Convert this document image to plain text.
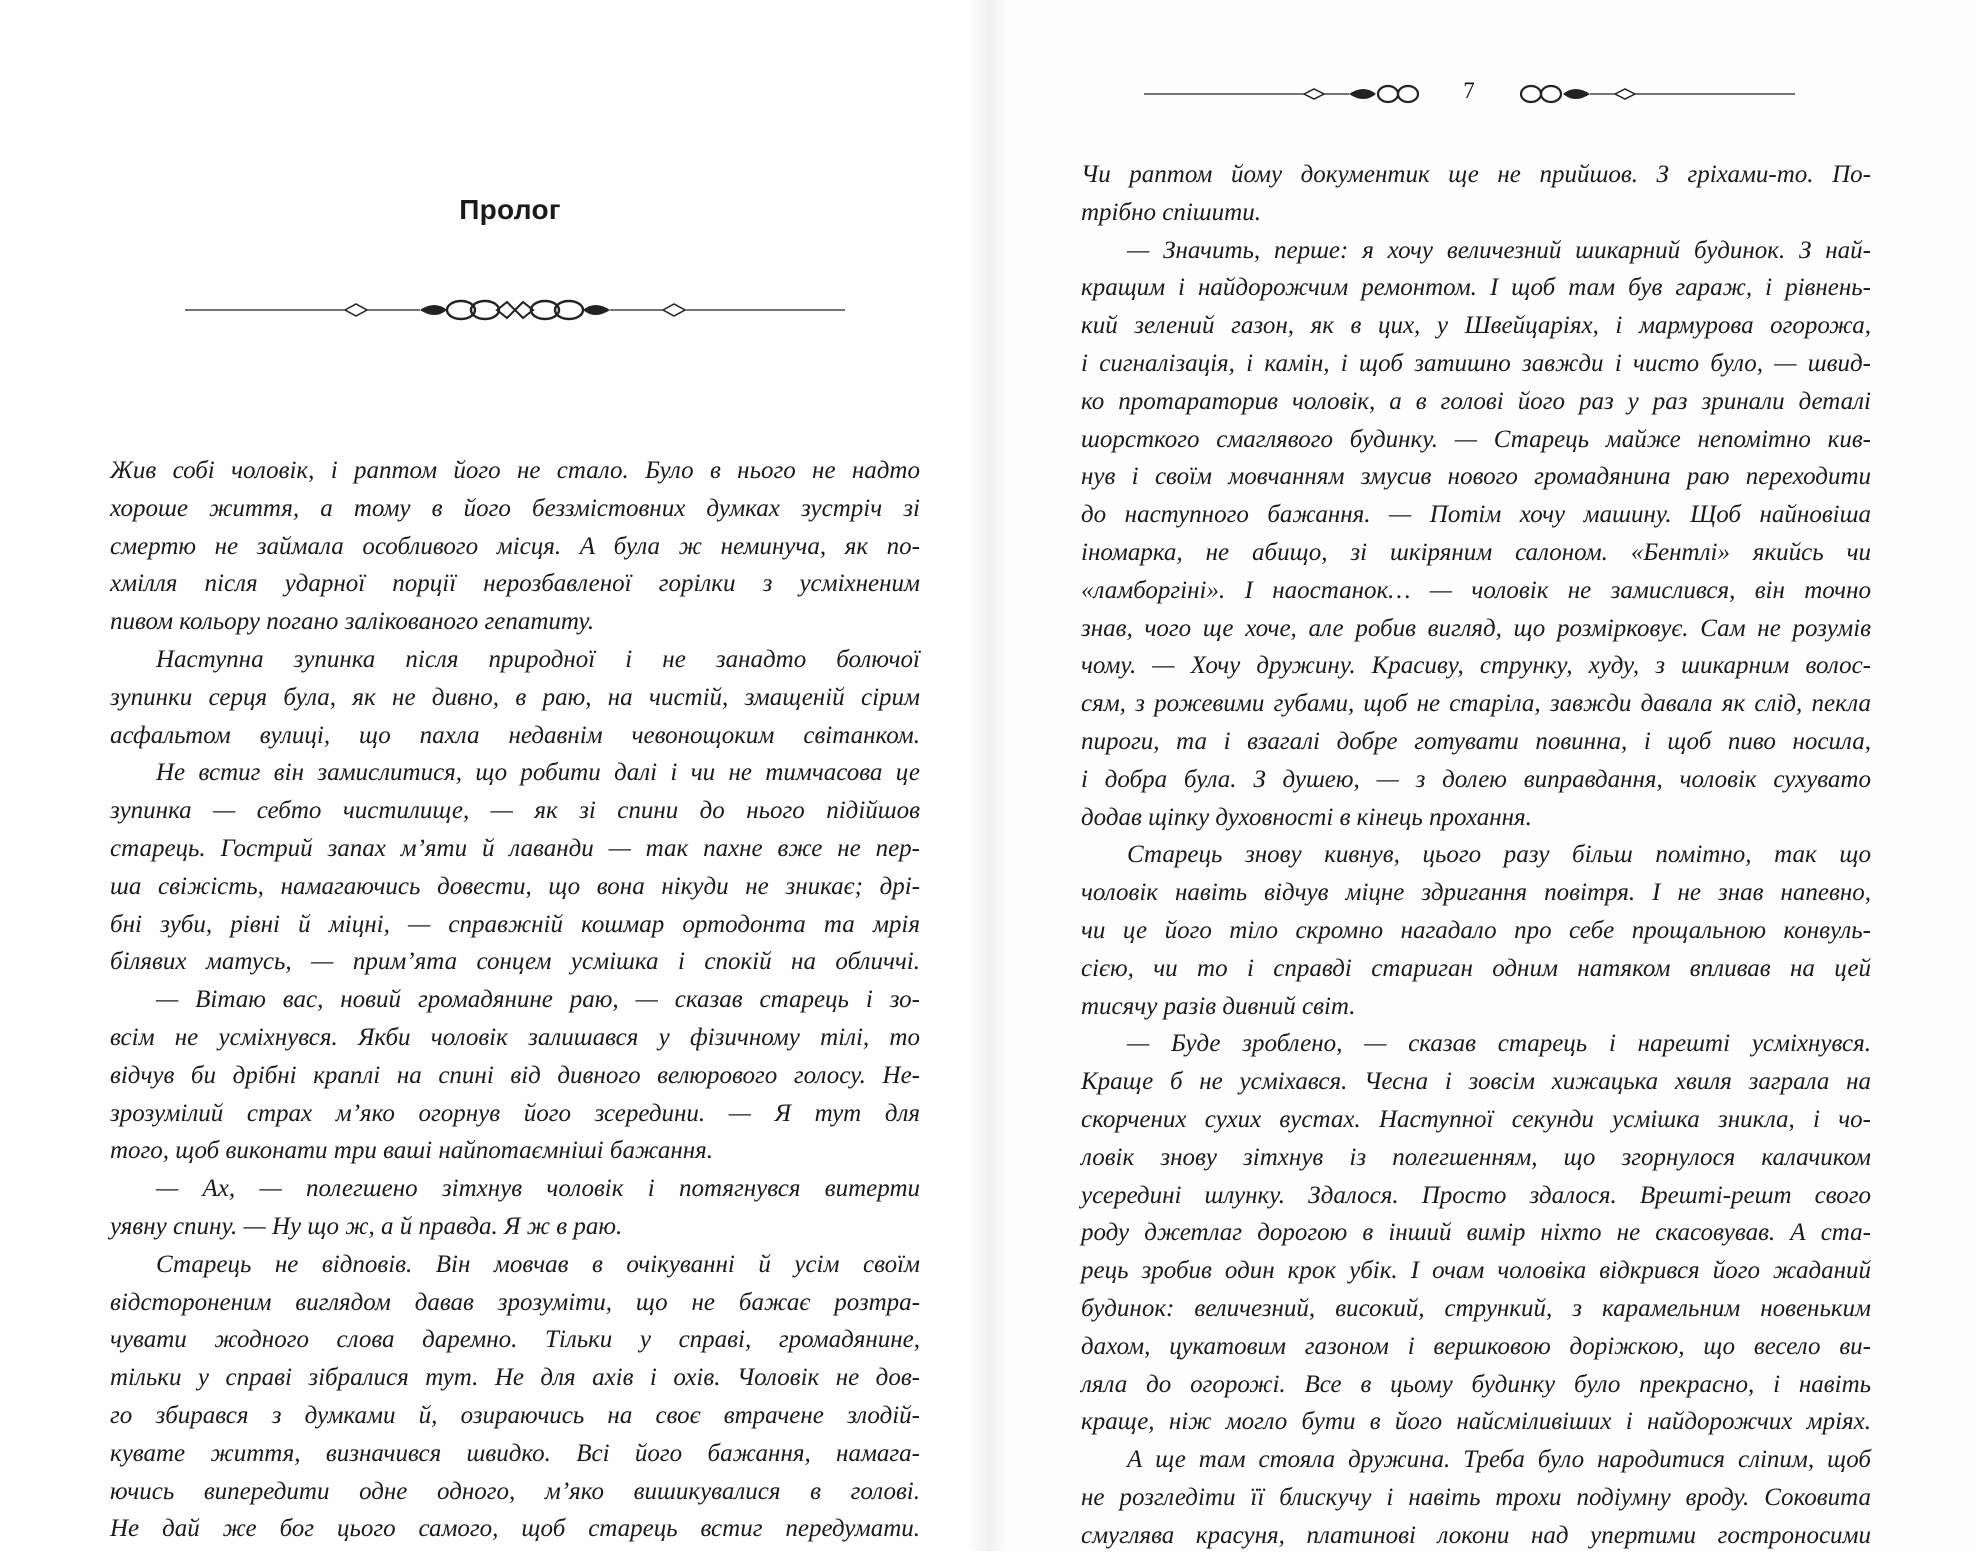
7
Пролог
Жив собі чоловік, і раптом його не стало. Було в нього не надто
хороше життя, а тому в його беззмістовних думках зустріч зі
смертю не займала особливого місця. А була ж неминуча, як по-
хмілля після ударної порції нерозбавленої горілки з усміхненим
пивом кольору погано залікованого гепатиту.
Наступна зупинка після природної і не занадто болючої
зупинки серця була, як не дивно, в раю, на чистій, змащеній сірим
асфальтом вулиці, що пахла недавнім чевонощоким світанком.
Не встиг він замислитися, що робити далі і чи не тимчасова це
зупинка — себто чистилище, — як зі спини до нього підійшов
старець. Гострий запах м’яти й лаванди — так пахне вже не пер-
ша свіжість, намагаючись довести, що вона нікуди не зникає; дрі-
бні зуби, рівні й міцні, — справжній кошмар ортодонта та мрія
білявих матусь, — прим’ята сонцем усмішка і спокій на обличчі.
— Вітаю вас, новий громадянине раю, — сказав старець і зо-
всім не усміхнувся. Якби чоловік залишався у фізичному тілі, то
відчув би дрібні краплі на спині від дивного велюрового голосу. Не-
зрозумілий страх м’яко огорнув його зсередини. — Я тут для
того, щоб виконати три ваші найпотаємніші бажання.
— Ах, — полегшено зітхнув чоловік і потягнувся витерти
уявну спину. — Ну що ж, а й правда. Я ж в раю.
Старець не відповів. Він мовчав в очікуванні й усім своїм
відстороненим виглядом давав зрозуміти, що не бажає розтра-
чувати жодного слова даремно. Тільки у справі, громадянине,
тільки у справі зібралися тут. Не для ахів і охів. Чоловік не дов-
го збирався з думками й, озираючись на своє втрачене злодій-
кувате життя, визначився швидко. Всі його бажання, намага-
ючись випередити одне одного, м’яко вишикувалися в голові.
Не дай же бог цього самого, щоб старець встиг передумати.
Чи раптом йому документик ще не прийшов. З гріхами-то. По-
трібно спішити.
— Значить, перше: я хочу величезний шикарний будинок. З най-
кращим і найдорожчим ремонтом. І щоб там був гараж, і рівнень-
кий зелений газон, як в цих, у Швейцаріях, і мармурова огорожа,
і сигналізація, і камін, і щоб затишно завжди і чисто було, — швид-
ко протараторив чоловік, а в голові його раз у раз зринали деталі
шорсткого смаглявого будинку. — Старець майже непомітно кив-
нув і своїм мовчанням змусив нового громадянина раю переходити
до наступного бажання. — Потім хочу машину. Щоб найновіша
іномарка, не абищо, зі шкіряним салоном. «Бентлі» якийсь чи
«ламборгіні». І наостанок… — чоловік не замислився, він точно
знав, чого ще хоче, але робив вигляд, що розмірковує. Сам не розумів
чому. — Хочу дружину. Красиву, струнку, худу, з шикарним волос-
сям, з рожевими губами, щоб не старіла, завжди давала як слід, пекла
пироги, та і взагалі добре готувати повинна, і щоб пиво носила,
і добра була. З душею, — з долею виправдання, чоловік сухувато
додав щіпку духовності в кінець прохання.
Старець знову кивнув, цього разу більш помітно, так що
чоловік навіть відчув міцне здригання повітря. І не знав напевно,
чи це його тіло скромно нагадало про себе прощальною конвуль-
сією, чи то і справді стариган одним натяком впливав на цей
тисячу разів дивний світ.
— Буде зроблено, — сказав старець і нарешті усміхнувся.
Краще б не усміхався. Чесна і зовсім хижацька хвиля заграла на
скорчених сухих вустах. Наступної секунди усмішка зникла, і чо-
ловік знову зітхнув із полегшенням, що згорнулося калачиком
усередині шлунку. Здалося. Просто здалося. Врешті-решт свого
роду джетлаг дорогою в інший вимір ніхто не скасовував. А ста-
рець зробив один крок убік. І очам чоловіка відкрився його жаданий
будинок: величезний, високий, стрункий, з карамельним новеньким
дахом, цукатовим газоном і вершковою доріжкою, що весело ви-
ляла до огорожі. Все в цьому будинку було прекрасно, і навіть
краще, ніж могло бути в його найсміливіших і найдорожчих мріях.
А ще там стояла дружина. Треба було народитися сліпим, щоб
не розгледіти її блискучу і навіть трохи подіумну вроду. Соковита
смуглява красуня, платинові локони над упертими гостроносими
